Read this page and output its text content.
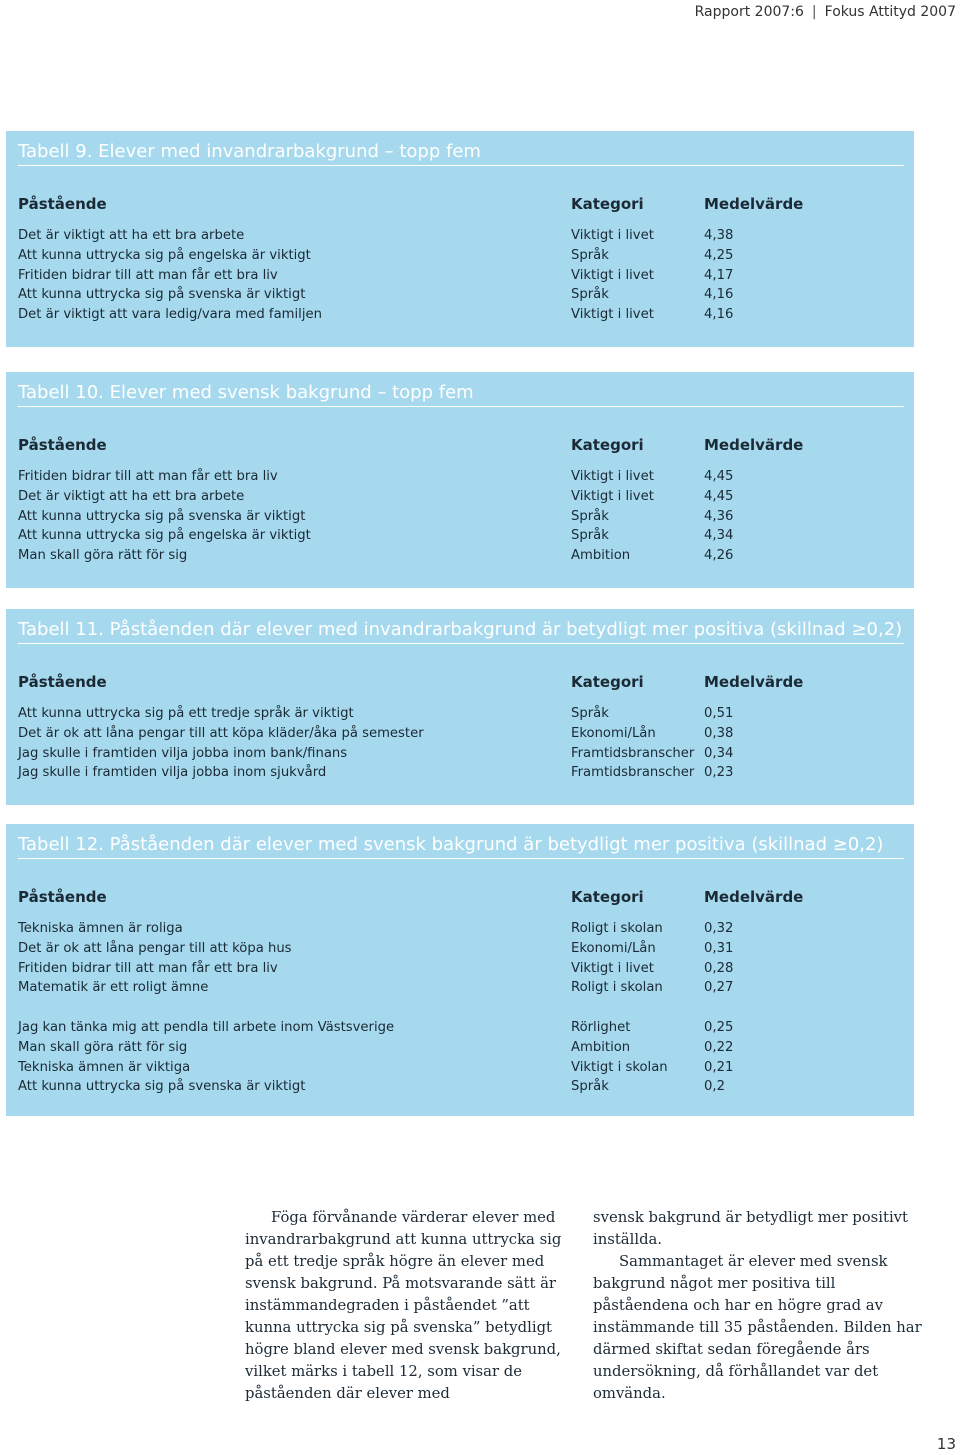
Rapport 2007:6 | Fokus Attityd 2007
Tabell 9. Elever med invandrarbakgrund – topp fem
Påstående	Kategori	Medelvärde
Det är viktigt att ha ett bra arbete	Viktigt i livet	4,38
Att kunna uttrycka sig på engelska är viktigt	Språk	4,25
Fritiden bidrar till att man får ett bra liv	Viktigt i livet	4,17
Att kunna uttrycka sig på svenska är viktigt	Språk	4,16
Det är viktigt att vara ledig/vara med familjen	Viktigt i livet	4,16
Tabell 10. Elever med svensk bakgrund – topp fem
Påstående	Kategori	Medelvärde
Fritiden bidrar till att man får ett bra liv	Viktigt i livet	4,45
Det är viktigt att ha ett bra arbete	Viktigt i livet	4,45
Att kunna uttrycka sig på svenska är viktigt	Språk	4,36
Att kunna uttrycka sig på engelska är viktigt	Språk	4,34
Man skall göra rätt för sig	Ambition	4,26
Tabell 11. Påståenden där elever med invandrarbakgrund är betydligt mer positiva (skillnad ≥0,2)
Påstående	Kategori	Medelvärde
Att kunna uttrycka sig på ett tredje språk är viktigt	Språk	0,51
Det är ok att låna pengar till att köpa kläder/åka på semester	Ekonomi/Lån	0,38
Jag skulle i framtiden vilja jobba inom bank/finans	Framtidsbranscher 0,34
Jag skulle i framtiden vilja jobba inom sjukvård	Framtidsbranscher 0,23
Tabell 12. Påståenden där elever med svensk bakgrund är betydligt mer positiva (skillnad ≥0,2)
Påstående	Kategori	Medelvärde
Tekniska ämnen är roliga	Roligt i skolan	0,32
Det är ok att låna pengar till att köpa hus	Ekonomi/Lån	0,31
Fritiden bidrar till att man får ett bra liv	Viktigt i livet	0,28
Matematik är ett roligt ämne	Roligt i skolan	0,27
Jag kan tänka mig att pendla till arbete inom Västsverige	Rörlighet	0,25
Man skall göra rätt för sig	Ambition	0,22
Tekniska ämnen är viktiga	Viktigt i skolan	0,21
Att kunna uttrycka sig på svenska är viktigt	Språk	0,2

Föga förvånande värderar elever med invandrarbakgrund att kunna uttrycka sig på ett tredje språk högre än elever med svensk bakgrund. På motsvarande sätt är instämmandegraden i påståendet ”att kunna uttrycka sig på svenska” betydligt högre bland elever med svensk bakgrund, vilket märks i tabell 12, som visar de påståenden där elever med

svensk bakgrund är betydligt mer positivt inställda.

Sammantaget är elever med svensk bakgrund något mer positiva till påståendena och har en högre grad av instämmande till 35 påståenden. Bilden har därmed skiftat sedan föregående års undersökning, då förhållandet var det omvända.

13
